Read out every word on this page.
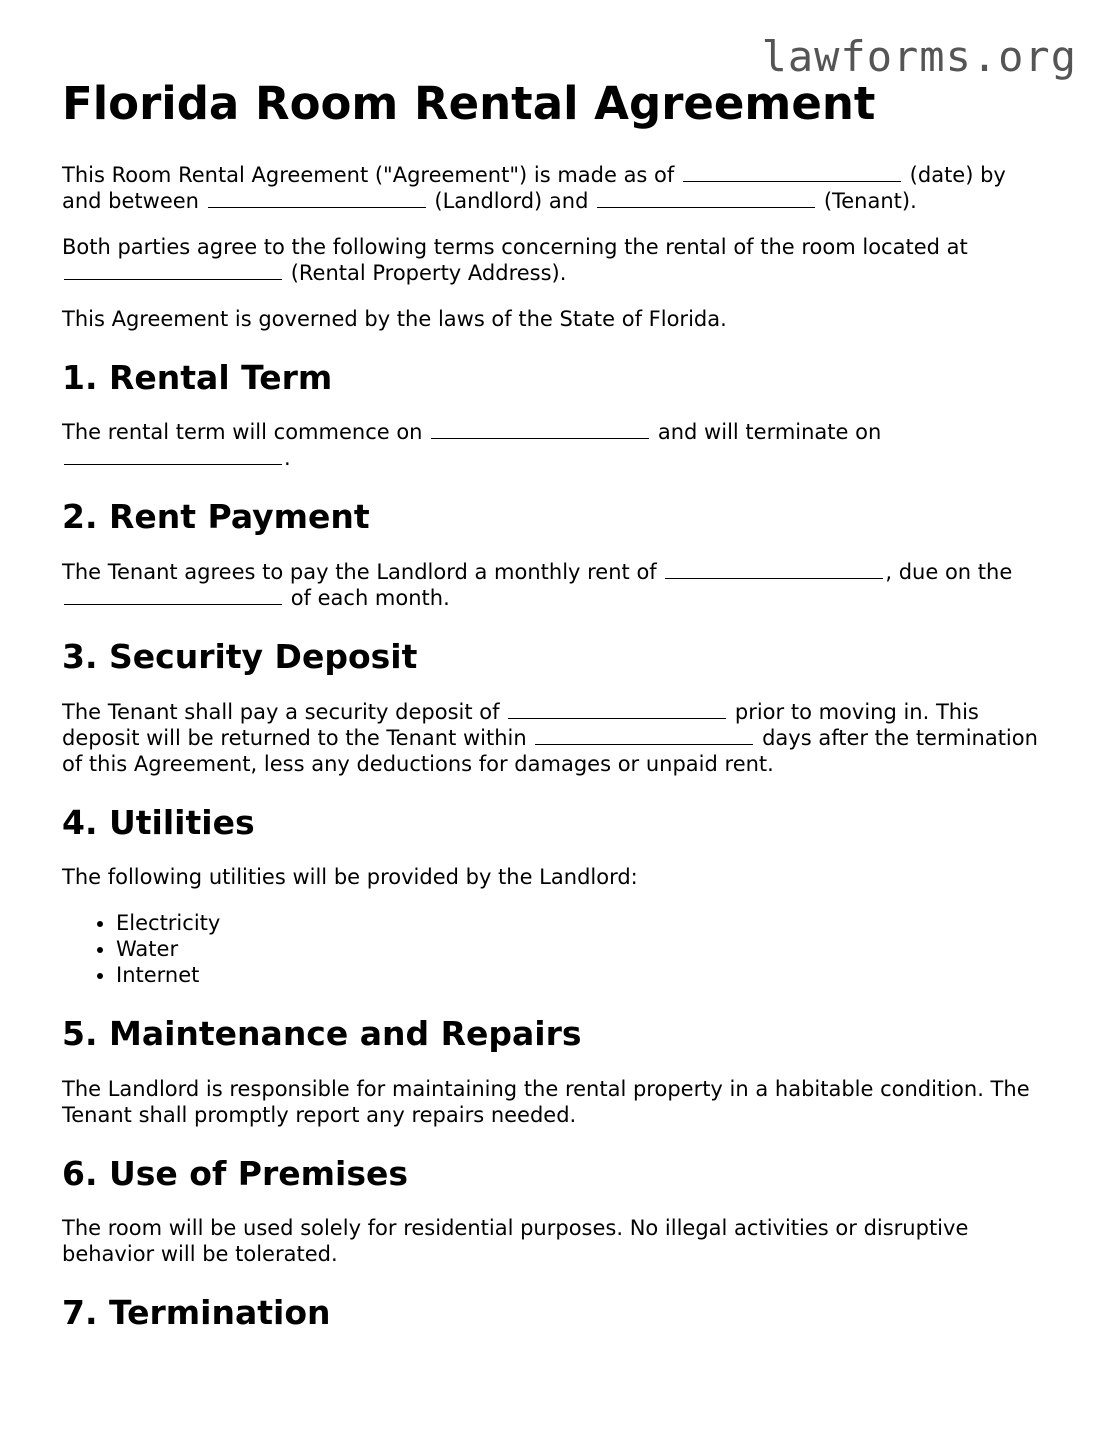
lawforms.org
Florida Room Rental Agreement

This Room Rental Agreement ("Agreement") is made as of	(date) by and between	(Landlord) and	(Tenant).

Both parties agree to the following terms concerning the rental of the room located at  (Rental Property Address).

This Agreement is governed by the laws of the State of Florida.

1. Rental Term

The rental term will commence on	and will terminate on .

2. Rent Payment

The Tenant agrees to pay the Landlord a monthly rent of	, due on the  of each month.

3. Security Deposit

The Tenant shall pay a security deposit of	prior to moving in. This deposit will be returned to the Tenant within	days after the termination of this Agreement, less any deductions for damages or unpaid rent.

4. Utilities

The following utilities will be provided by the Landlord:

• Electricity
• Water
• Internet
5. Maintenance and Repairs

The Landlord is responsible for maintaining the rental property in a habitable condition. The Tenant shall promptly report any repairs needed.

6. Use of Premises

The room will be used solely for residential purposes. No illegal activities or disruptive behavior will be tolerated.

7. Termination
